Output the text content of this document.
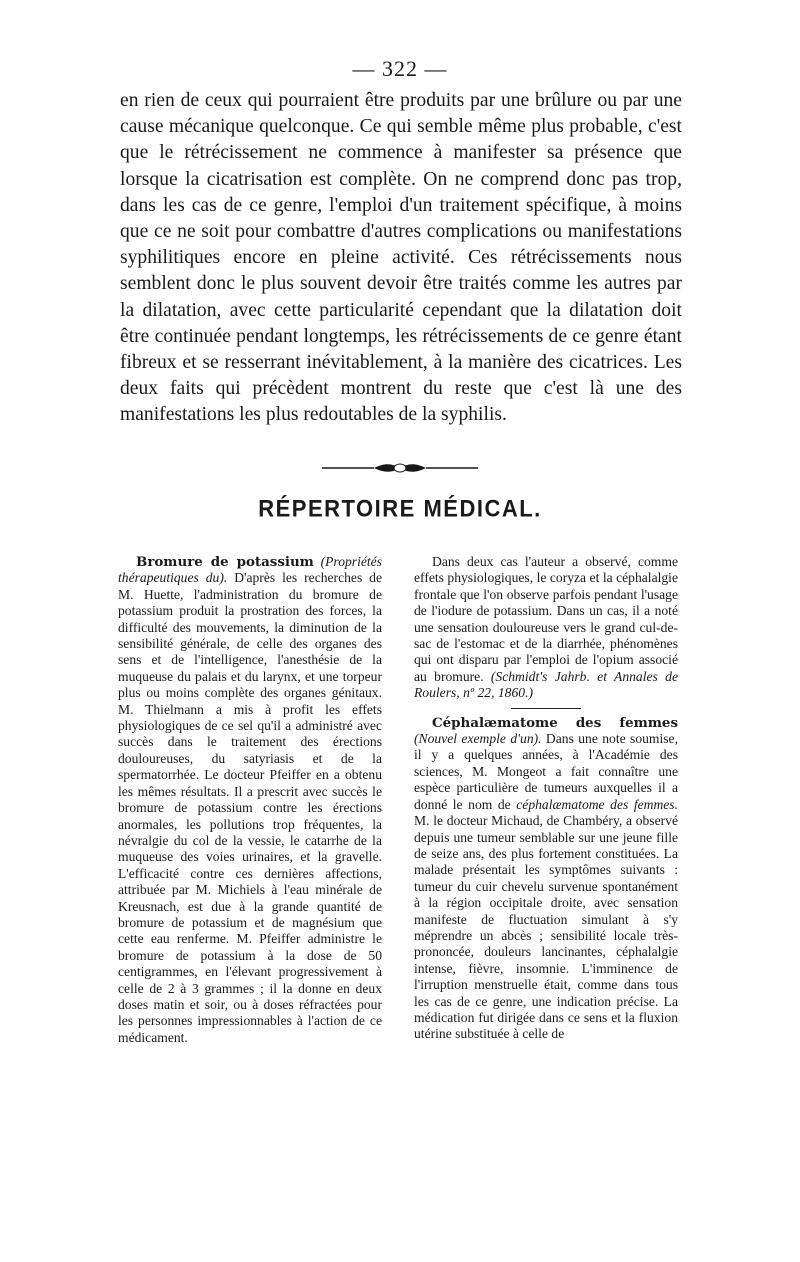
— 322 —

en rien de ceux qui pourraient être produits par une brûlure ou par une cause mécanique quelconque. Ce qui semble même plus probable, c'est que le rétrécissement ne commence à manifester sa présence que lorsque la cicatrisation est complète. On ne comprend donc pas trop, dans les cas de ce genre, l'emploi d'un traitement spécifique, à moins que ce ne soit pour combattre d'autres complications ou manifestations syphilitiques encore en pleine activité. Ces rétrécissements nous semblent donc le plus souvent devoir être traités comme les autres par la dilatation, avec cette particularité cependant que la dilatation doit être continuée pendant longtemps, les rétrécissements de ce genre étant fibreux et se resserrant inévitablement, à la manière des cicatrices. Les deux faits qui précèdent montrent du reste que c'est là une des manifestations les plus redoutables de la syphilis.

RÉPERTOIRE MÉDICAL.

Bromure de potassium (Propriétés thérapeutiques du). D'après les recherches de M. Huette, l'administration du bromure de potassium produit la prostration des forces, la difficulté des mouvements, la diminution de la sensibilité générale, de celle des organes des sens et de l'intelligence, l'anesthésie de la muqueuse du palais et du larynx, et une torpeur plus ou moins complète des organes génitaux. M. Thielmann a mis à profit les effets physiologiques de ce sel qu'il a administré avec succès dans le traitement des érections douloureuses, du satyriasis et de la spermatorrhée. Le docteur Pfeiffer en a obtenu les mêmes résultats. Il a prescrit avec succès le bromure de potassium contre les érections anormales, les pollutions trop fréquentes, la névralgie du col de la vessie, le catarrhe de la muqueuse des voies urinaires, et la gravelle. L'efficacité contre ces dernières affections, attribuée par M. Michiels à l'eau minérale de Kreusnach, est due à la grande quantité de bromure de potassium et de magnésium que cette eau renferme. M. Pfeiffer administre le bromure de potassium à la dose de 50 centigrammes, en l'élevant progressivement à celle de 2 à 3 grammes ; il la donne en deux doses matin et soir, ou à doses réfractées pour les personnes impressionnables à l'action de ce médicament.

Dans deux cas l'auteur a observé, comme effets physiologiques, le coryza et la céphalalgie frontale que l'on observe parfois pendant l'usage de l'iodure de potassium. Dans un cas, il a noté une sensation douloureuse vers le grand cul-de-sac de l'estomac et de la diarrhée, phénomènes qui ont disparu par l'emploi de l'opium associé au bromure. (Schmidt's Jahrb. et Annales de Roulers, nº 22, 1860.)

Céphalæmatome des femmes (Nouvel exemple d'un). Dans une note soumise, il y a quelques années, à l'Académie des sciences, M. Mongeot a fait connaître une espèce particulière de tumeurs auxquelles il a donné le nom de céphalæmatome des femmes. M. le docteur Michaud, de Chambéry, a observé depuis une tumeur semblable sur une jeune fille de seize ans, des plus fortement constituées. La malade présentait les symptômes suivants : tumeur du cuir chevelu survenue spontanément à la région occipitale droite, avec sensation manifeste de fluctuation simulant à s'y méprendre un abcès ; sensibilité locale très-prononcée, douleurs lancinantes, céphalalgie intense, fièvre, insomnie. L'imminence de l'irruption menstruelle était, comme dans tous les cas de ce genre, une indication précise. La médication fut dirigée dans ce sens et la fluxion utérine substituée à celle de
